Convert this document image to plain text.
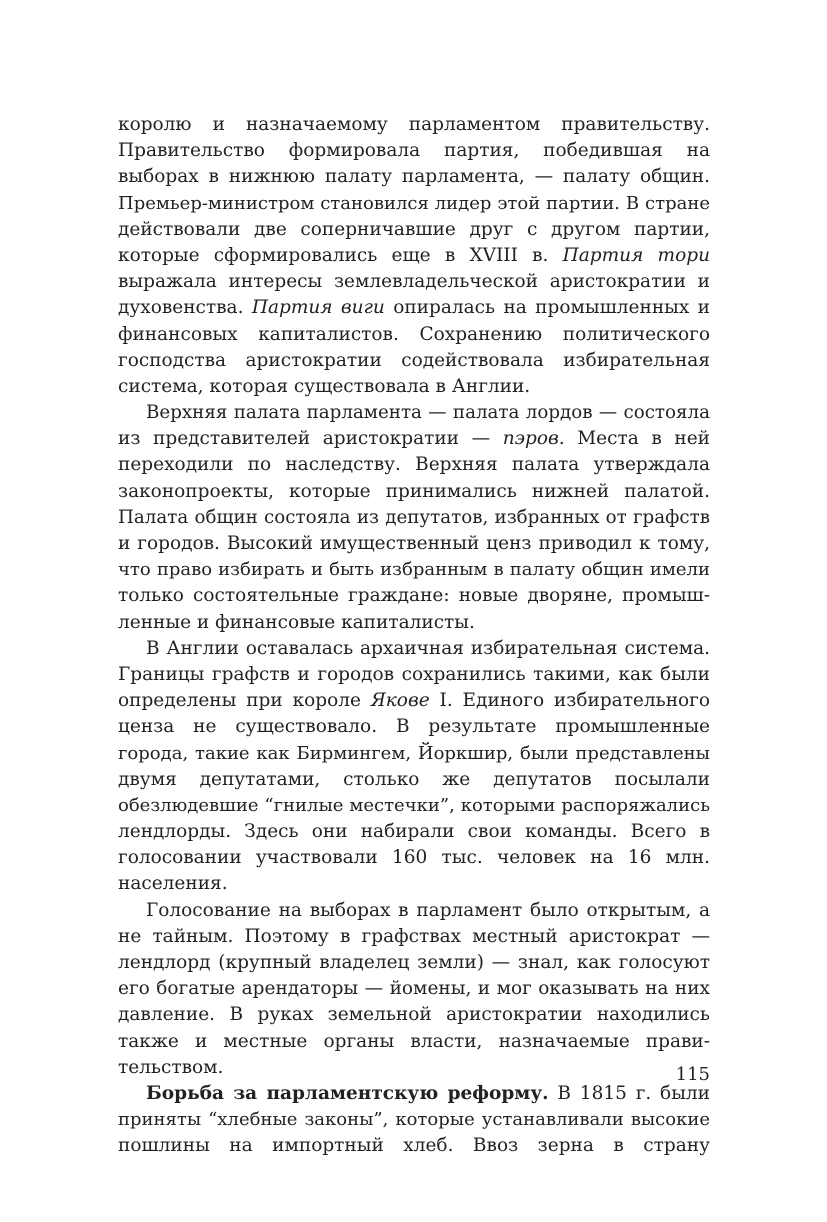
королю и назначаемому парламентом правительству.
Правительство формировала партия, победившая на
выборах в нижнюю палату парламента, — палату общин.
Премьер-министром становился лидер этой партии. В стране
действовали две соперничавшие друг с другом партии,
которые сформировались еще в XVIII в. Партия тори
выражала интересы землевладельческой аристократии и
духовенства. Партия виги опиралась на промышленных и
финансовых капиталистов. Сохранению политического
господства аристократии содействовала избирательная
система, которая существовала в Англии.
Верхняя палата парламента — палата лордов — состояла
из представителей аристократии — пэров. Места в ней
переходили по наследству. Верхняя палата утверждала
законопроекты, которые принимались нижней палатой.
Палата общин состояла из депутатов, избранных от графств
и городов. Высокий имущественный ценз приводил к тому,
что право избирать и быть избранным в палату общин имели
только состоятельные граждане: новые дворяне, промыш-
ленные и финансовые капиталисты.
В Англии оставалась архаичная избирательная система.
Границы графств и городов сохранились такими, как были
определены при короле Якове I. Единого избирательного
ценза не существовало. В результате промышленные
города, такие как Бирмингем, Йоркшир, были представлены
двумя депутатами, столько же депутатов посылали
обезлюдевшие “гнилые местечки”, которыми распоряжались
лендлорды. Здесь они набирали свои команды. Всего в
голосовании участвовали 160 тыс. человек на 16 млн.
населения.
Голосование на выборах в парламент было открытым, а
не тайным. Поэтому в графствах местный аристократ —
лендлорд (крупный владелец земли) — знал, как голосуют
его богатые арендаторы — йомены, и мог оказывать на них
давление. В руках земельной аристократии находились
также и местные органы власти, назначаемые прави-
тельством.
Борьба за парламентскую реформу. В 1815 г. были
приняты “хлебные законы”, которые устанавливали высокие
пошлины на импортный хлеб. Ввоз зерна в страну
115
